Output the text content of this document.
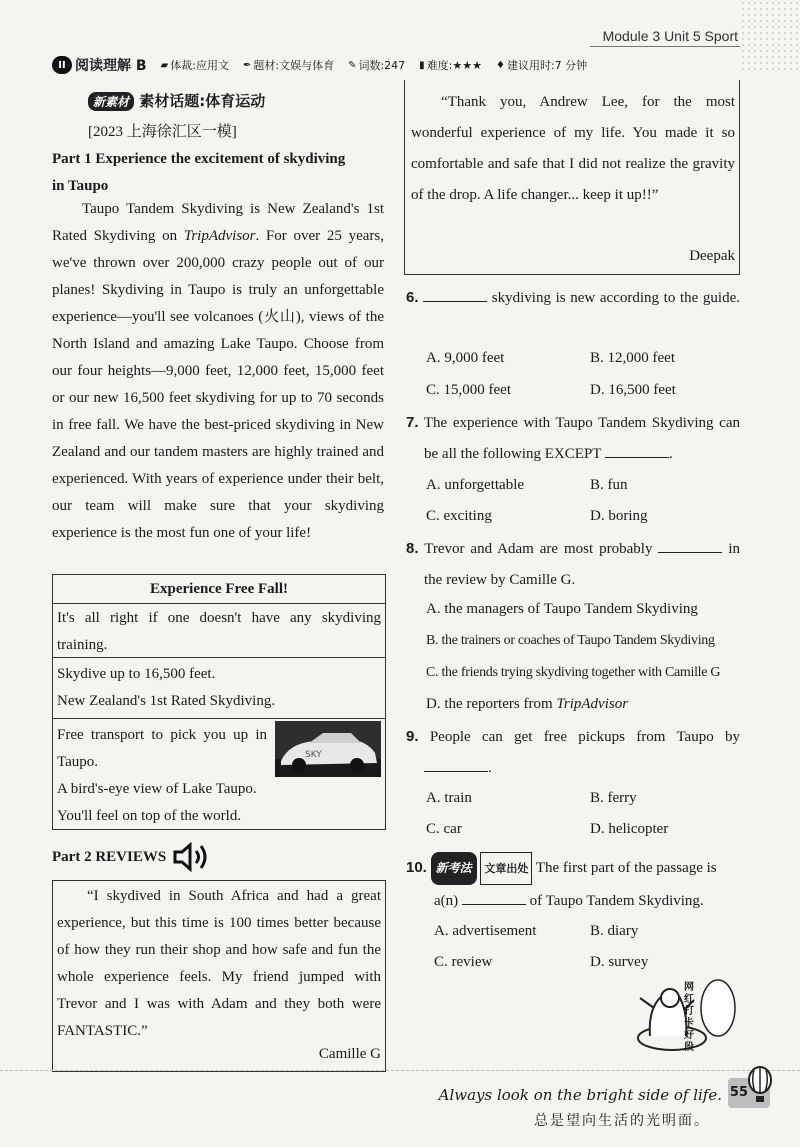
Module 3 Unit 5 Sport
II 阅读理解 B ▰ 体裁:应用文 ✒ 题材:文娱与体育 ✎ 词数:247 ▮ 难度:★★★ ♦ 建议用时:7 分钟
新素材 素材话题:体育运动
[2023 上海徐汇区一模]
Part 1 Experience the excitement of skydiving
in Taupo
Taupo Tandem Skydiving is New Zealand's 1st Rated Skydiving on TripAdvisor. For over 25 years, we've thrown over 200,000 crazy people out of our planes! Skydiving in Taupo is truly an unforgettable experience—you'll see volcanoes (火山), views of the North Island and amazing Lake Taupo. Choose from our four heights—9,000 feet, 12,000 feet, 15,000 feet or our new 16,500 feet skydiving for up to 70 seconds in free fall. We have the best-priced skydiving in New Zealand and our tandem masters are highly trained and experienced. With years of experience under their belt, our team will make sure that your skydiving experience is the most fun one of your life!
Experience Free Fall!
It's all right if one doesn't have any skydiving training.
Skydive up to 16,500 feet.
New Zealand's 1st Rated Skydiving.
Free transport to pick you up in Taupo.
A bird's-eye view of Lake Taupo.
You'll feel on top of the world.
SKY
Part 2 REVIEWS
“I skydived in South Africa and had a great experience, but this time is 100 times better because of how they run their shop and how safe and fun the whole experience feels. My friend jumped with Trevor and I was with Adam and they both were FANTASTIC.”
Camille G
“Thank you, Andrew Lee, for the most wonderful experience of my life. You made it so comfortable and safe that I did not realize the gravity of the drop. A life changer... keep it up!!”
Deepak
6.	skydiving is new according to the guide.
A. 9,000 feet	B. 12,000 feet
C. 15,000 feet	D. 16,500 feet
7. The experience with Taupo Tandem Skydiving can be all the following EXCEPT	.
A. unforgettable	B. fun
C. exciting	D. boring
8. Trevor and Adam are most probably	in the review by Camille G.
A. the managers of Taupo Tandem Skydiving
B. the trainers or coaches of Taupo Tandem Skydiving
C. the friends trying skydiving together with Camille G
D. the reporters from TripAdvisor
9. People can get free pickups from Taupo by .
A. train	B. ferry
C. car	D. helicopter
10. 新考法 文章出处 The first part of the passage is
a(n)	of Taupo Tandem Skydiving.
A. advertisement	B. diary
C. review	D. survey
网红打卡好段
Always look on the bright side of life.
总是望向生活的光明面。
55
